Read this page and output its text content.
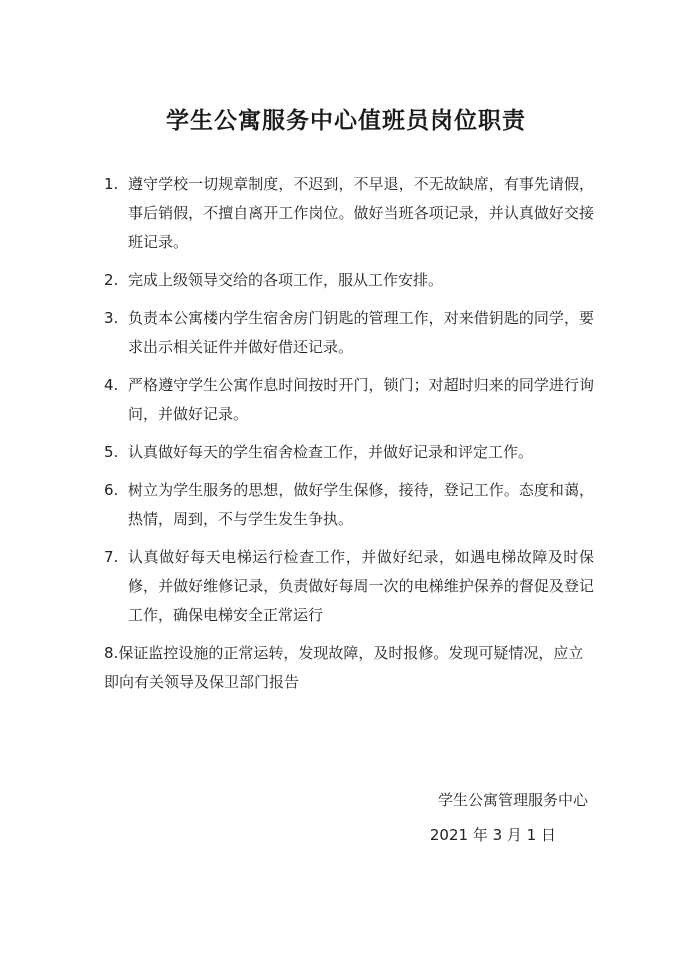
学生公寓服务中心值班员岗位职责
1. 遵守学校一切规章制度，不迟到，不早退，不无故缺席，有事先请假，事后销假，不擅自离开工作岗位。做好当班各项记录，并认真做好交接班记录。
2. 完成上级领导交给的各项工作，服从工作安排。
3. 负责本公寓楼内学生宿舍房门钥匙的管理工作，对来借钥匙的同学，要求出示相关证件并做好借还记录。
4. 严格遵守学生公寓作息时间按时开门，锁门；对超时归来的同学进行询问，并做好记录。
5. 认真做好每天的学生宿舍检查工作，并做好记录和评定工作。
6. 树立为学生服务的思想，做好学生保修，接待，登记工作。态度和蔼，热情，周到，不与学生发生争执。
7. 认真做好每天电梯运行检查工作，并做好纪录，如遇电梯故障及时保修，并做好维修记录，负责做好每周一次的电梯维护保养的督促及登记工作，确保电梯安全正常运行
8.保证监控设施的正常运转，发现故障，及时报修。发现可疑情况，应立即向有关领导及保卫部门报告
学生公寓管理服务中心
2021 年 3 月 1 日
